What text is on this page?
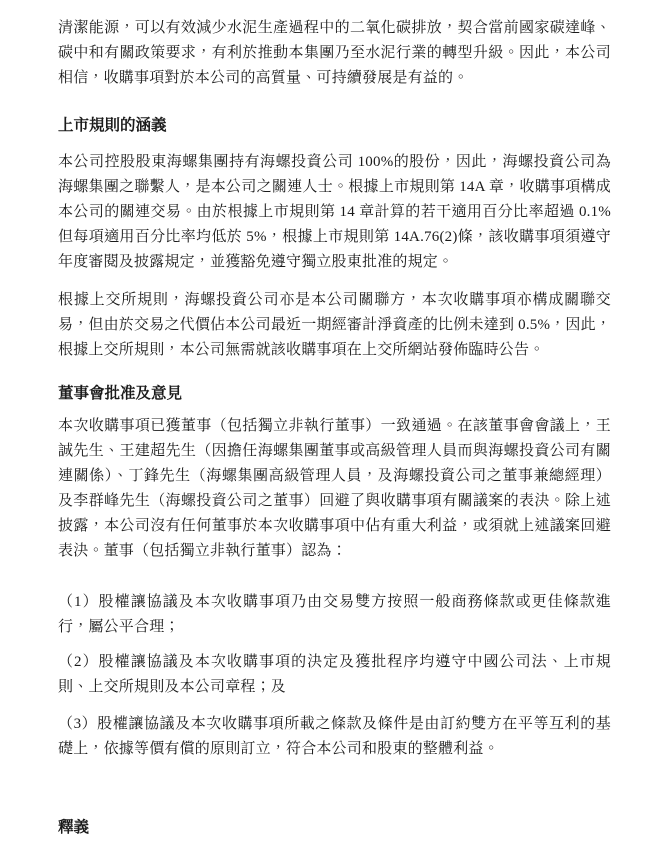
清潔能源，可以有效減少水泥生產過程中的二氧化碳排放，契合當前國家碳達峰、碳中和有關政策要求，有利於推動本集團乃至水泥行業的轉型升級。因此，本公司相信，收購事項對於本公司的高質量、可持續發展是有益的。

上市規則的涵義

本公司控股股東海螺集團持有海螺投資公司 100%的股份，因此，海螺投資公司為海螺集團之聯繫人，是本公司之關連人士。根據上市規則第 14A 章，收購事項構成本公司的關連交易。由於根據上市規則第 14 章計算的若干適用百分比率超過 0.1%但每項適用百分比率均低於 5%，根據上市規則第 14A.76(2)條，該收購事項須遵守年度審閱及披露規定，並獲豁免遵守獨立股東批准的規定。

根據上交所規則，海螺投資公司亦是本公司關聯方，本次收購事項亦構成關聯交易，但由於交易之代價佔本公司最近一期經審計淨資產的比例未達到 0.5%，因此，根據上交所規則，本公司無需就該收購事項在上交所網站發佈臨時公告。

董事會批准及意見

本次收購事項已獲董事（包括獨立非執行董事）一致通過。在該董事會會議上，王誠先生、王建超先生（因擔任海螺集團董事或高級管理人員而與海螺投資公司有關連關係）、丁鋒先生（海螺集團高級管理人員，及海螺投資公司之董事兼總經理）及李群峰先生（海螺投資公司之董事）回避了與收購事項有關議案的表決。除上述披露，本公司沒有任何董事於本次收購事項中佔有重大利益，或須就上述議案回避表決。董事（包括獨立非執行董事）認為：

（1）股權讓協議及本次收購事項乃由交易雙方按照一般商務條款或更佳條款進行，屬公平合理；

（2）股權讓協議及本次收購事項的決定及獲批程序均遵守中國公司法、上市規則、上交所規則及本公司章程；及

（3）股權讓協議及本次收購事項所載之條款及條件是由訂約雙方在平等互利的基礎上，依據等價有償的原則訂立，符合本公司和股東的整體利益。

釋義
